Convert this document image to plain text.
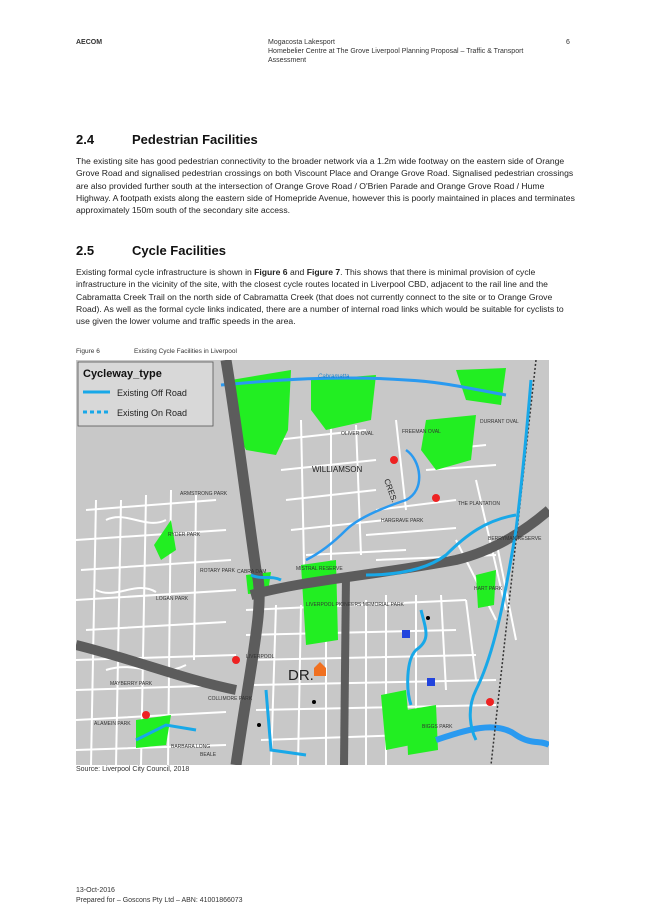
AECOM	Mogacosta Lakesport
Homebelier Centre at The Grove Liverpool Planning Proposal – Traffic & Transport
Assessment
6
2.4	Pedestrian Facilities
The existing site has good pedestrian connectivity to the broader network via a 1.2m wide footway on the eastern side of Orange Grove Road and signalised pedestrian crossings on both Viscount Place and Orange Grove Road. Signalised pedestrian crossings are also provided further south at the intersection of Orange Grove Road / O'Brien Parade and Orange Grove Road / Hume Highway. A footpath exists along the eastern side of Homepride Avenue, however this is poorly maintained in places and terminates approximately 150m south of the secondary site access.
2.5	Cycle Facilities
Existing formal cycle infrastructure is shown in Figure 6 and Figure 7. This shows that there is minimal provision of cycle infrastructure in the vicinity of the site, with the closest cycle routes located in Liverpool CBD, adjacent to the rail line and the Cabramatta Creek Trail on the north side of Cabramatta Creek (that does not currently connect to the site or to Orange Grove Road). As well as the formal cycle links indicated, there are a number of internal road links which would be suitable for cyclists to use given the lower volume and traffic speeds in the area.
Figure 6	Existing Cycle Facilities in Liverpool
Cabramatta
WILLIAMSON
CRES.
DR.
OLIVER OVAL	FREEMAN OVAL
DURRANT OVAL
THE PLANTATION
HARGRAVE PARK
BERRYMAN RESERVE
ARMSTRONG PARK
RYDER PARK
MISTRAL RESERVE
ROTARY PARK CABRA DAM
LIVERPOOL PIONEERS MEMORIAL PARK
LOGAN PARK
LIVERPOOL
MAYBERRY PARK
COLLIMORE PARK
ALAMEIN PARK
BARBARA LONG
BEALE
BIGGS PARK
HART PARK
Cycleway_type
Existing Off Road
Existing On Road
Source: Liverpool City Council, 2018
13-Oct-2016
Prepared for – Goscons Pty Ltd – ABN: 41001866073
